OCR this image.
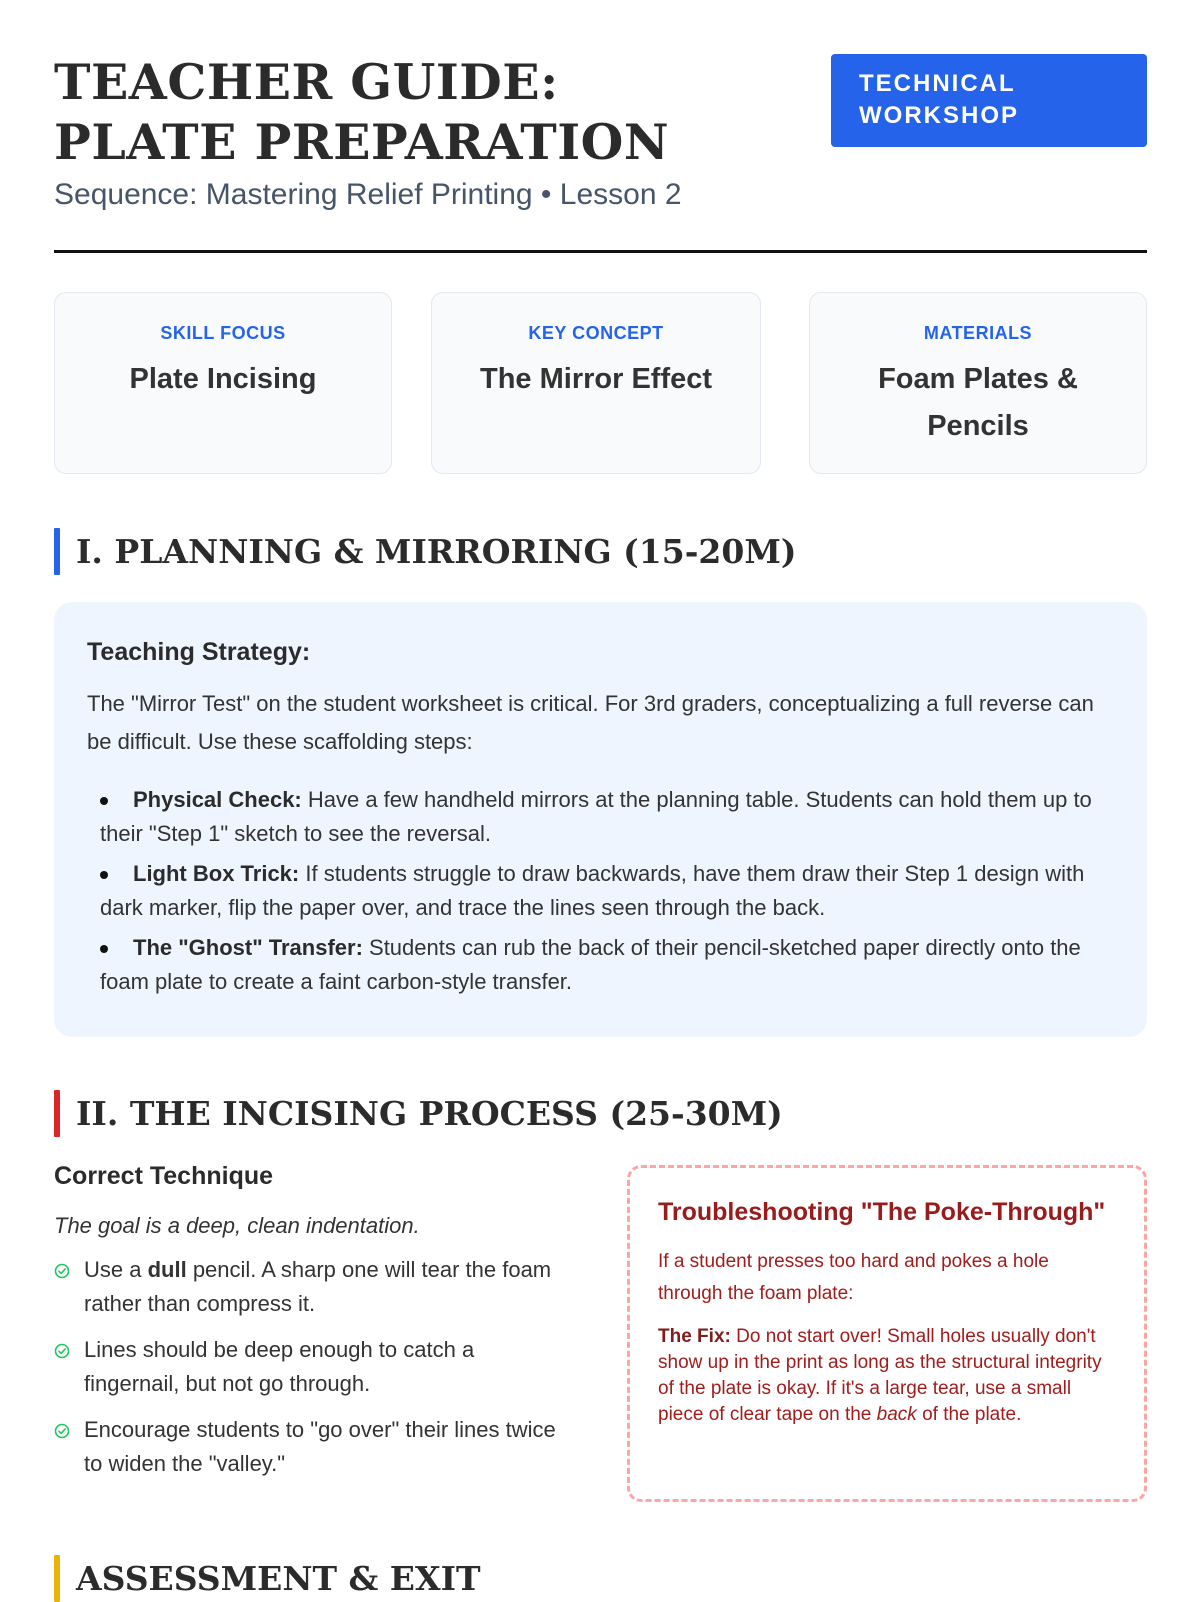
TEACHER GUIDE: PLATE PREPARATION
Sequence: Mastering Relief Printing • Lesson 2
TECHNICAL WORKSHOP
SKILL FOCUS
Plate Incising
KEY CONCEPT
The Mirror Effect
MATERIALS
Foam Plates & Pencils
I. PLANNING & MIRRORING (15-20M)
Teaching Strategy:

The "Mirror Test" on the student worksheet is critical. For 3rd graders, conceptualizing a full reverse can be difficult. Use these scaffolding steps:

Physical Check: Have a few handheld mirrors at the planning table. Students can hold them up to their "Step 1" sketch to see the reversal.
Light Box Trick: If students struggle to draw backwards, have them draw their Step 1 design with dark marker, flip the paper over, and trace the lines seen through the back.
The "Ghost" Transfer: Students can rub the back of their pencil-sketched paper directly onto the foam plate to create a faint carbon-style transfer.
II. THE INCISING PROCESS (25-30M)
Correct Technique

The goal is a deep, clean indentation.

Use a dull pencil. A sharp one will tear the foam rather than compress it.
Lines should be deep enough to catch a fingernail, but not go through.
Encourage students to "go over" their lines twice to widen the "valley."
Troubleshooting "The Poke-Through"

If a student presses too hard and pokes a hole through the foam plate:

The Fix: Do not start over! Small holes usually don't show up in the print as long as the structural integrity of the plate is okay. If it's a large tear, use a small piece of clear tape on the back of the plate.

ASSESSMENT & EXIT
